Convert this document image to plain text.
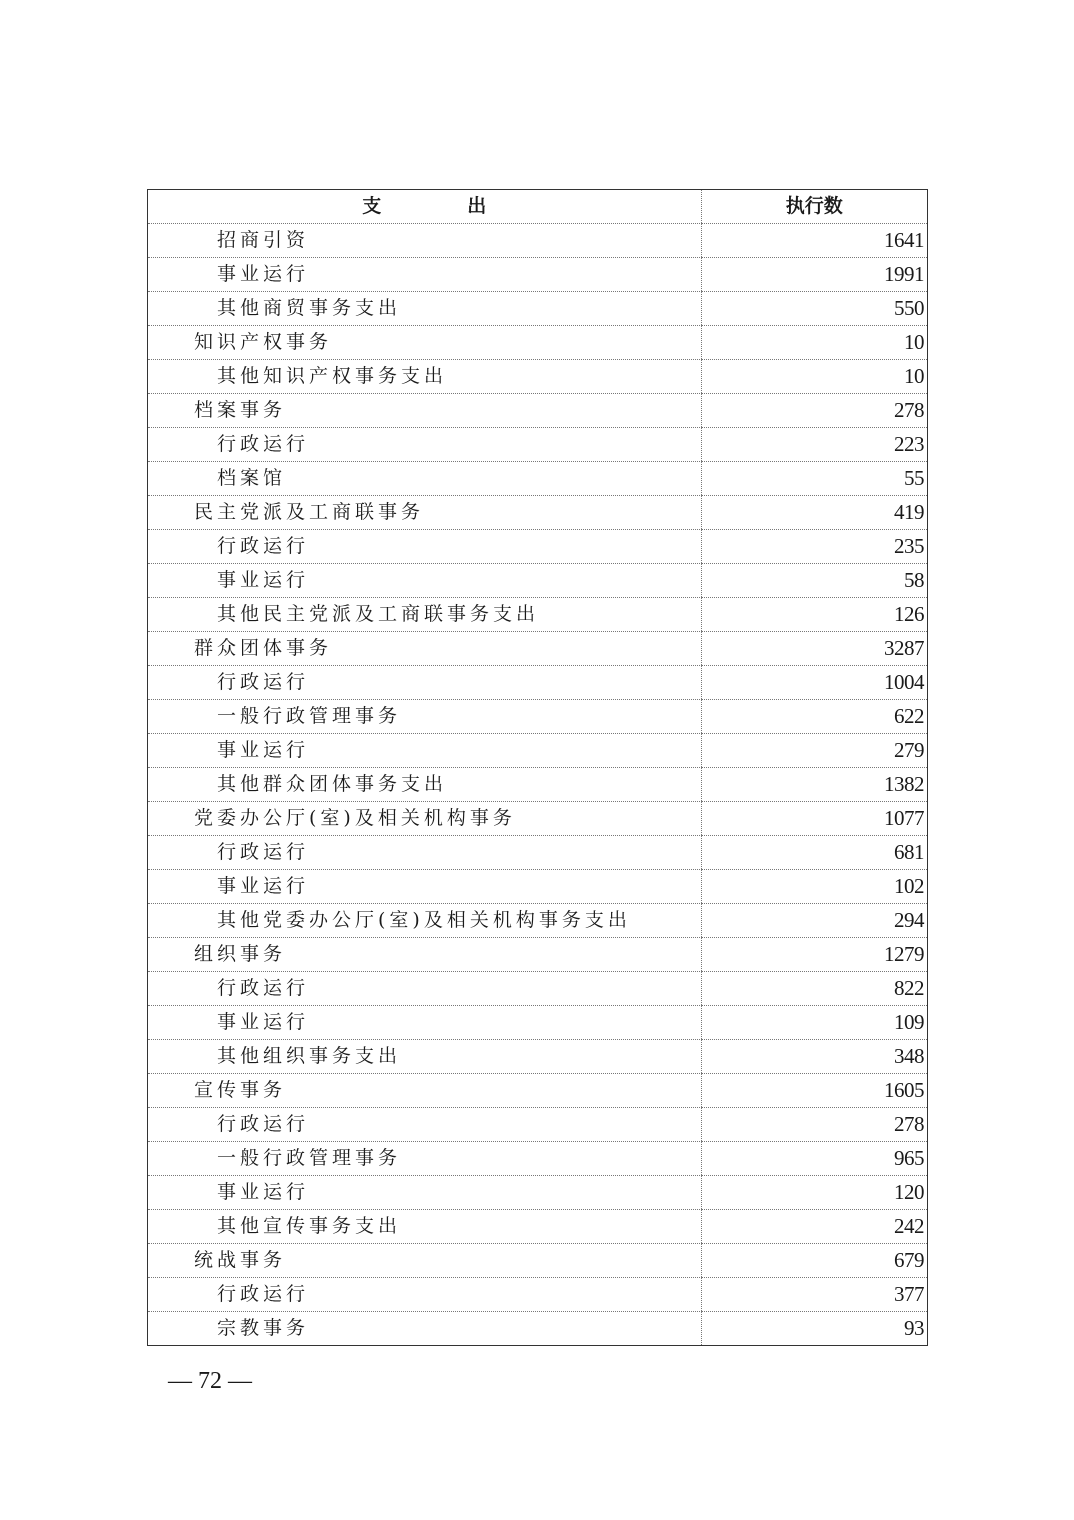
支 出	执行数
招商引资	1641
事业运行	1991
其他商贸事务支出	550
知识产权事务	10
其他知识产权事务支出	10
档案事务	278
行政运行	223
档案馆	55
民主党派及工商联事务	419
行政运行	235
事业运行	58
其他民主党派及工商联事务支出	126
群众团体事务	3287
行政运行	1004
一般行政管理事务	622
事业运行	279
其他群众团体事务支出	1382
党委办公厅(室)及相关机构事务	1077
行政运行	681
事业运行	102
其他党委办公厅(室)及相关机构事务支出	294
组织事务	1279
行政运行	822
事业运行	109
其他组织事务支出	348
宣传事务	1605
行政运行	278
一般行政管理事务	965
事业运行	120
其他宣传事务支出	242
统战事务	679
行政运行	377
宗教事务	93
— 72 —
